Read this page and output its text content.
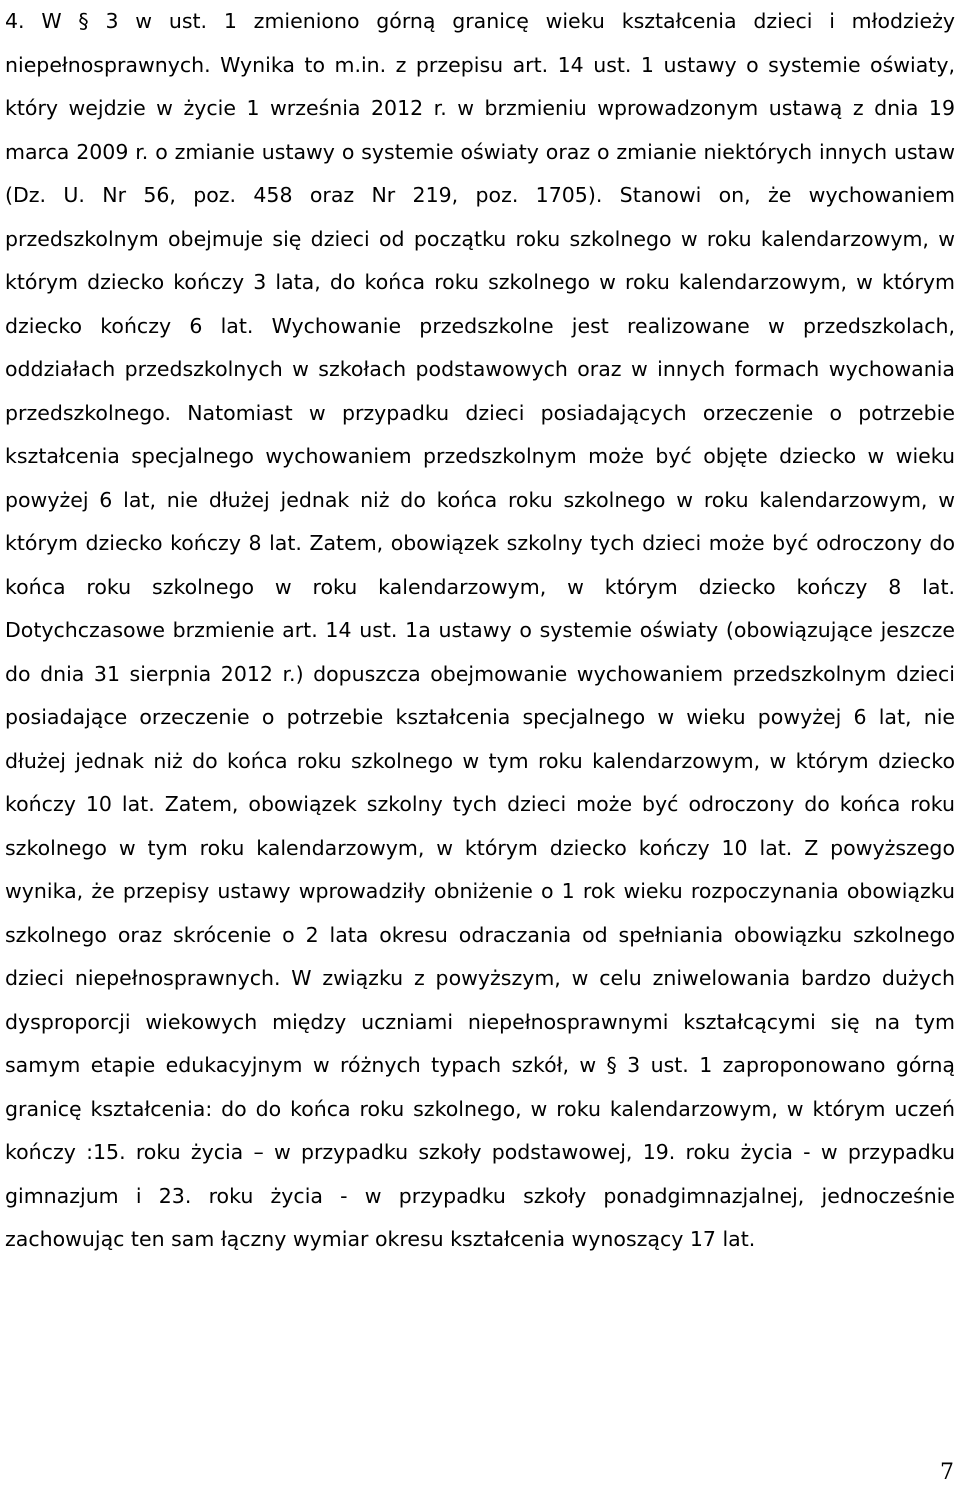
4. W § 3 w ust. 1 zmieniono górną granicę wieku kształcenia dzieci i młodzieży niepełnosprawnych. Wynika to m.in. z przepisu art. 14 ust. 1 ustawy o systemie oświaty, który wejdzie w życie 1 września 2012 r. w brzmieniu wprowadzonym ustawą z dnia 19 marca 2009 r. o zmianie ustawy o systemie oświaty oraz o zmianie niektórych innych ustaw (Dz. U. Nr 56, poz. 458 oraz Nr 219, poz. 1705). Stanowi on, że wychowaniem przedszkolnym obejmuje się dzieci od początku roku szkolnego w roku kalendarzowym, w którym dziecko kończy 3 lata, do końca roku szkolnego w roku kalendarzowym, w którym dziecko kończy 6 lat. Wychowanie przedszkolne jest realizowane w przedszkolach, oddziałach przedszkolnych w szkołach podstawowych oraz w innych formach wychowania przedszkolnego. Natomiast w przypadku dzieci posiadających orzeczenie o potrzebie kształcenia specjalnego wychowaniem przedszkolnym może być objęte dziecko w wieku powyżej 6 lat, nie dłużej jednak niż do końca roku szkolnego w roku kalendarzowym, w którym dziecko kończy 8 lat. Zatem, obowiązek szkolny tych dzieci może być odroczony do końca roku szkolnego w roku kalendarzowym, w którym dziecko kończy 8 lat. Dotychczasowe brzmienie art. 14 ust. 1a ustawy o systemie oświaty (obowiązujące jeszcze do dnia 31 sierpnia 2012 r.) dopuszcza obejmowanie wychowaniem przedszkolnym dzieci posiadające orzeczenie o potrzebie kształcenia specjalnego w wieku powyżej 6 lat, nie dłużej jednak niż do końca roku szkolnego w tym roku kalendarzowym, w którym dziecko kończy 10 lat. Zatem, obowiązek szkolny tych dzieci może być odroczony do końca roku szkolnego w tym roku kalendarzowym, w którym dziecko kończy 10 lat. Z powyższego wynika, że przepisy ustawy wprowadziły obniżenie o 1 rok wieku rozpoczynania obowiązku szkolnego oraz skrócenie o 2 lata okresu odraczania od spełniania obowiązku szkolnego dzieci niepełnosprawnych. W związku z powyższym, w celu zniwelowania bardzo dużych dysproporcji wiekowych między uczniami niepełnosprawnymi kształcącymi się na tym samym etapie edukacyjnym w różnych typach szkół, w § 3 ust. 1 zaproponowano górną granicę kształcenia: do do końca roku szkolnego, w roku kalendarzowym, w którym uczeń kończy :15. roku życia – w przypadku szkoły podstawowej, 19. roku życia - w przypadku gimnazjum i 23. roku życia - w przypadku szkoły ponadgimnazjalnej, jednocześnie zachowując ten sam łączny wymiar okresu kształcenia wynoszący 17 lat.

7
